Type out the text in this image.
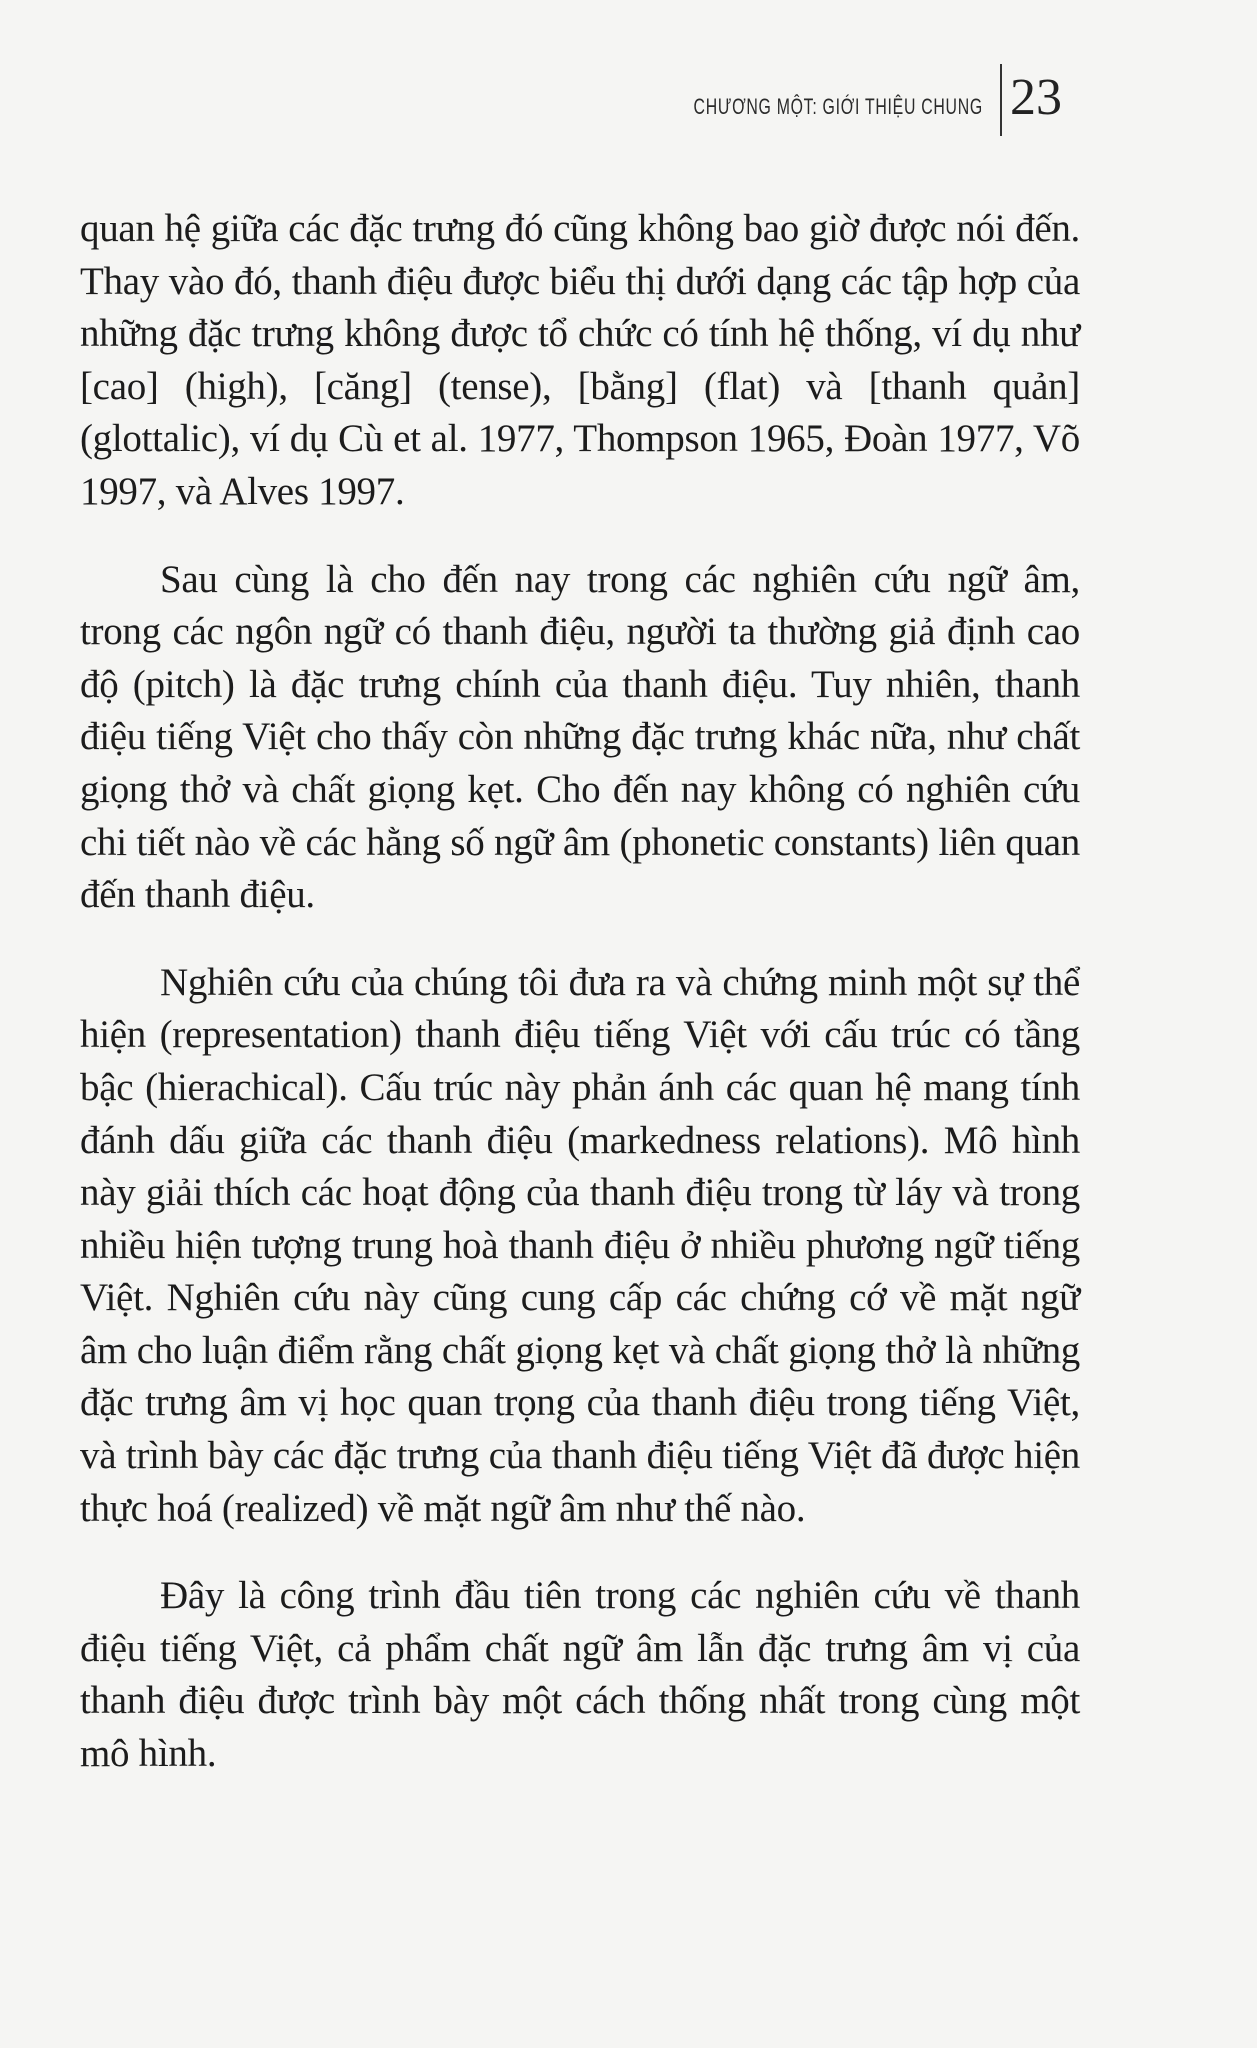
CHƯƠNG MỘT: GIỚI THIỆU CHUNG 23

quan hệ giữa các đặc trưng đó cũng không bao giờ được nói đến. Thay vào đó, thanh điệu được biểu thị dưới dạng các tập hợp của những đặc trưng không được tổ chức có tính hệ thống, ví dụ như [cao] (high), [căng] (tense), [bằng] (flat) và [thanh quản] (glottalic), ví dụ Cù et al. 1977, Thompson 1965, Đoàn 1977, Võ 1997, và Alves 1997.

Sau cùng là cho đến nay trong các nghiên cứu ngữ âm, trong các ngôn ngữ có thanh điệu, người ta thường giả định cao độ (pitch) là đặc trưng chính của thanh điệu. Tuy nhiên, thanh điệu tiếng Việt cho thấy còn những đặc trưng khác nữa, như chất giọng thở và chất giọng kẹt. Cho đến nay không có nghiên cứu chi tiết nào về các hằng số ngữ âm (phonetic constants) liên quan đến thanh điệu.

Nghiên cứu của chúng tôi đưa ra và chứng minh một sự thể hiện (representation) thanh điệu tiếng Việt với cấu trúc có tầng bậc (hierachical). Cấu trúc này phản ánh các quan hệ mang tính đánh dấu giữa các thanh điệu (markedness relations). Mô hình này giải thích các hoạt động của thanh điệu trong từ láy và trong nhiều hiện tượng trung hoà thanh điệu ở nhiều phương ngữ tiếng Việt. Nghiên cứu này cũng cung cấp các chứng cớ về mặt ngữ âm cho luận điểm rằng chất giọng kẹt và chất giọng thở là những đặc trưng âm vị học quan trọng của thanh điệu trong tiếng Việt, và trình bày các đặc trưng của thanh điệu tiếng Việt đã được hiện thực hoá (realized) về mặt ngữ âm như thế nào.

Đây là công trình đầu tiên trong các nghiên cứu về thanh điệu tiếng Việt, cả phẩm chất ngữ âm lẫn đặc trưng âm vị của thanh điệu được trình bày một cách thống nhất trong cùng một mô hình.
